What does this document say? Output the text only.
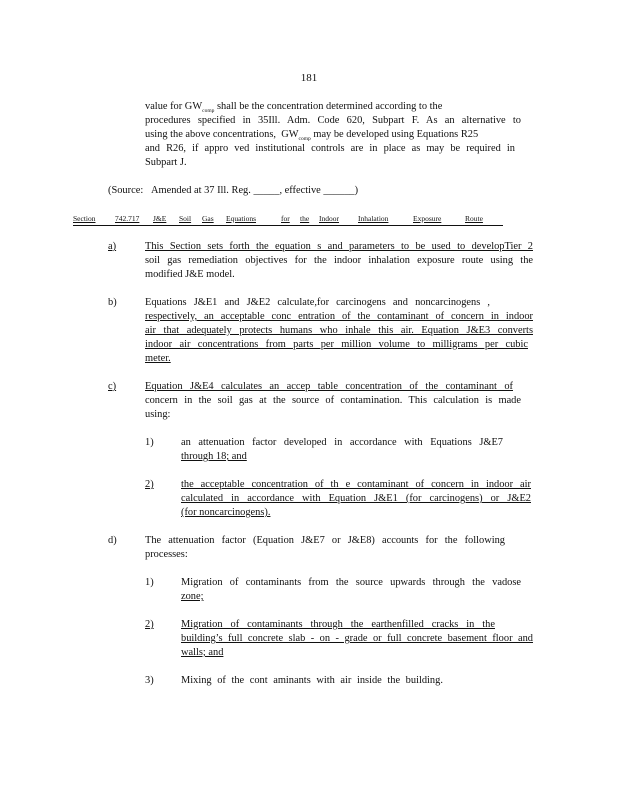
181
value for $GW_{comp}$ shall be the concentration determined according to the
procedures specified in 35Ill. Adm. Code 620, Subpart F. As an alternative to
using the above concentrations,  $GW_{comp}$ may be developed using Equations R25
and R26, if appro ved institutional controls are in place as may be required in
Subpart J.
(Source: Amended at 37 Ill. Reg. _____, effective ______)
Section	742.717 J&E Soil Gas Equations	for the Indoor	Inhalation	Exposure	Route
a)	This Section sets forth the equation s and parameters to be used to developTier 2
soil gas remediation objectives for the indoor inhalation exposure route using the
modified J&E model.
b)	Equations J&E1 and J&E2 calculate,for carcinogens and noncarcinogens ,
respectively, an acceptable conc entration of the contaminant of concern in indoor
air that adequately protects humans who inhale this air. Equation J&E3 converts
indoor air concentrations from parts per million volume to milligrams per cubic
meter.
c)	Equation J&E4 calculates an accep table concentration of the contaminant of
concern in the soil gas at the source of contamination. This calculation is made
using:
1)	an attenuation factor developed in accordance with Equations J&E7
through 18; and
2)	the acceptable concentration of th e contaminant of concern in indoor air
calculated in accordance with Equation J&E1 (for carcinogens) or J&E2
(for noncarcinogens).
d)	The attenuation factor (Equation J&E7 or J&E8) accounts for the following
processes:
1)	Migration of contaminants from the source upwards through the vadose
zone;
2)	Migration of contaminants through the earthenfilled cracks in the
building’s full concrete slab - on - grade or full concrete basement floor and
walls; and
3)	Mixing of the cont aminants with air inside the building.
